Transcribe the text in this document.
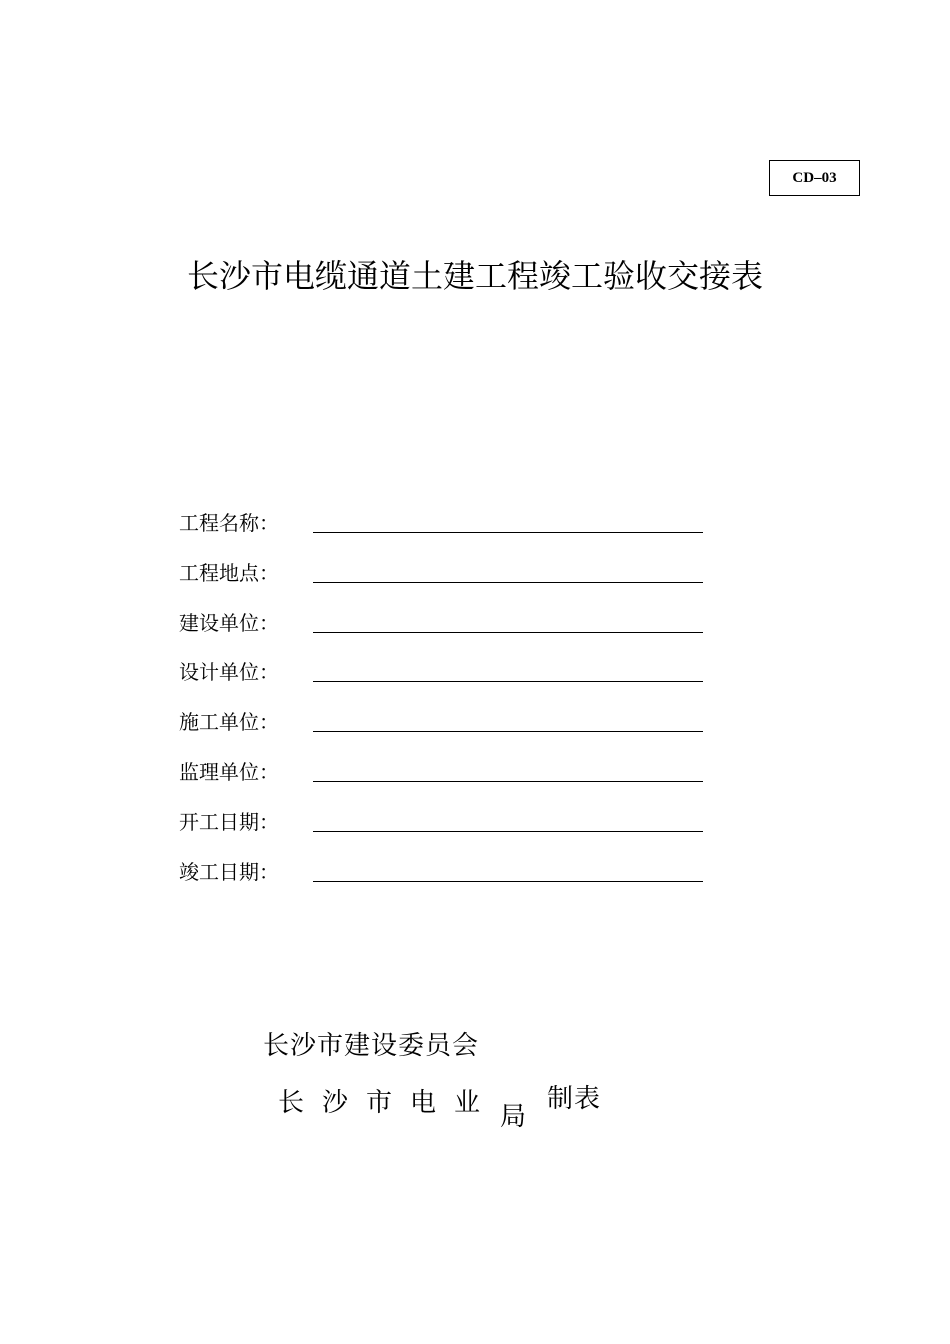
CD–03
长沙市电缆通道土建工程竣工验收交接表
工程名称：
工程地点：
建设单位：
设计单位：
施工单位：
监理单位：
开工日期：
竣工日期：
长沙市建设委员会
长沙市电业 局
制表
